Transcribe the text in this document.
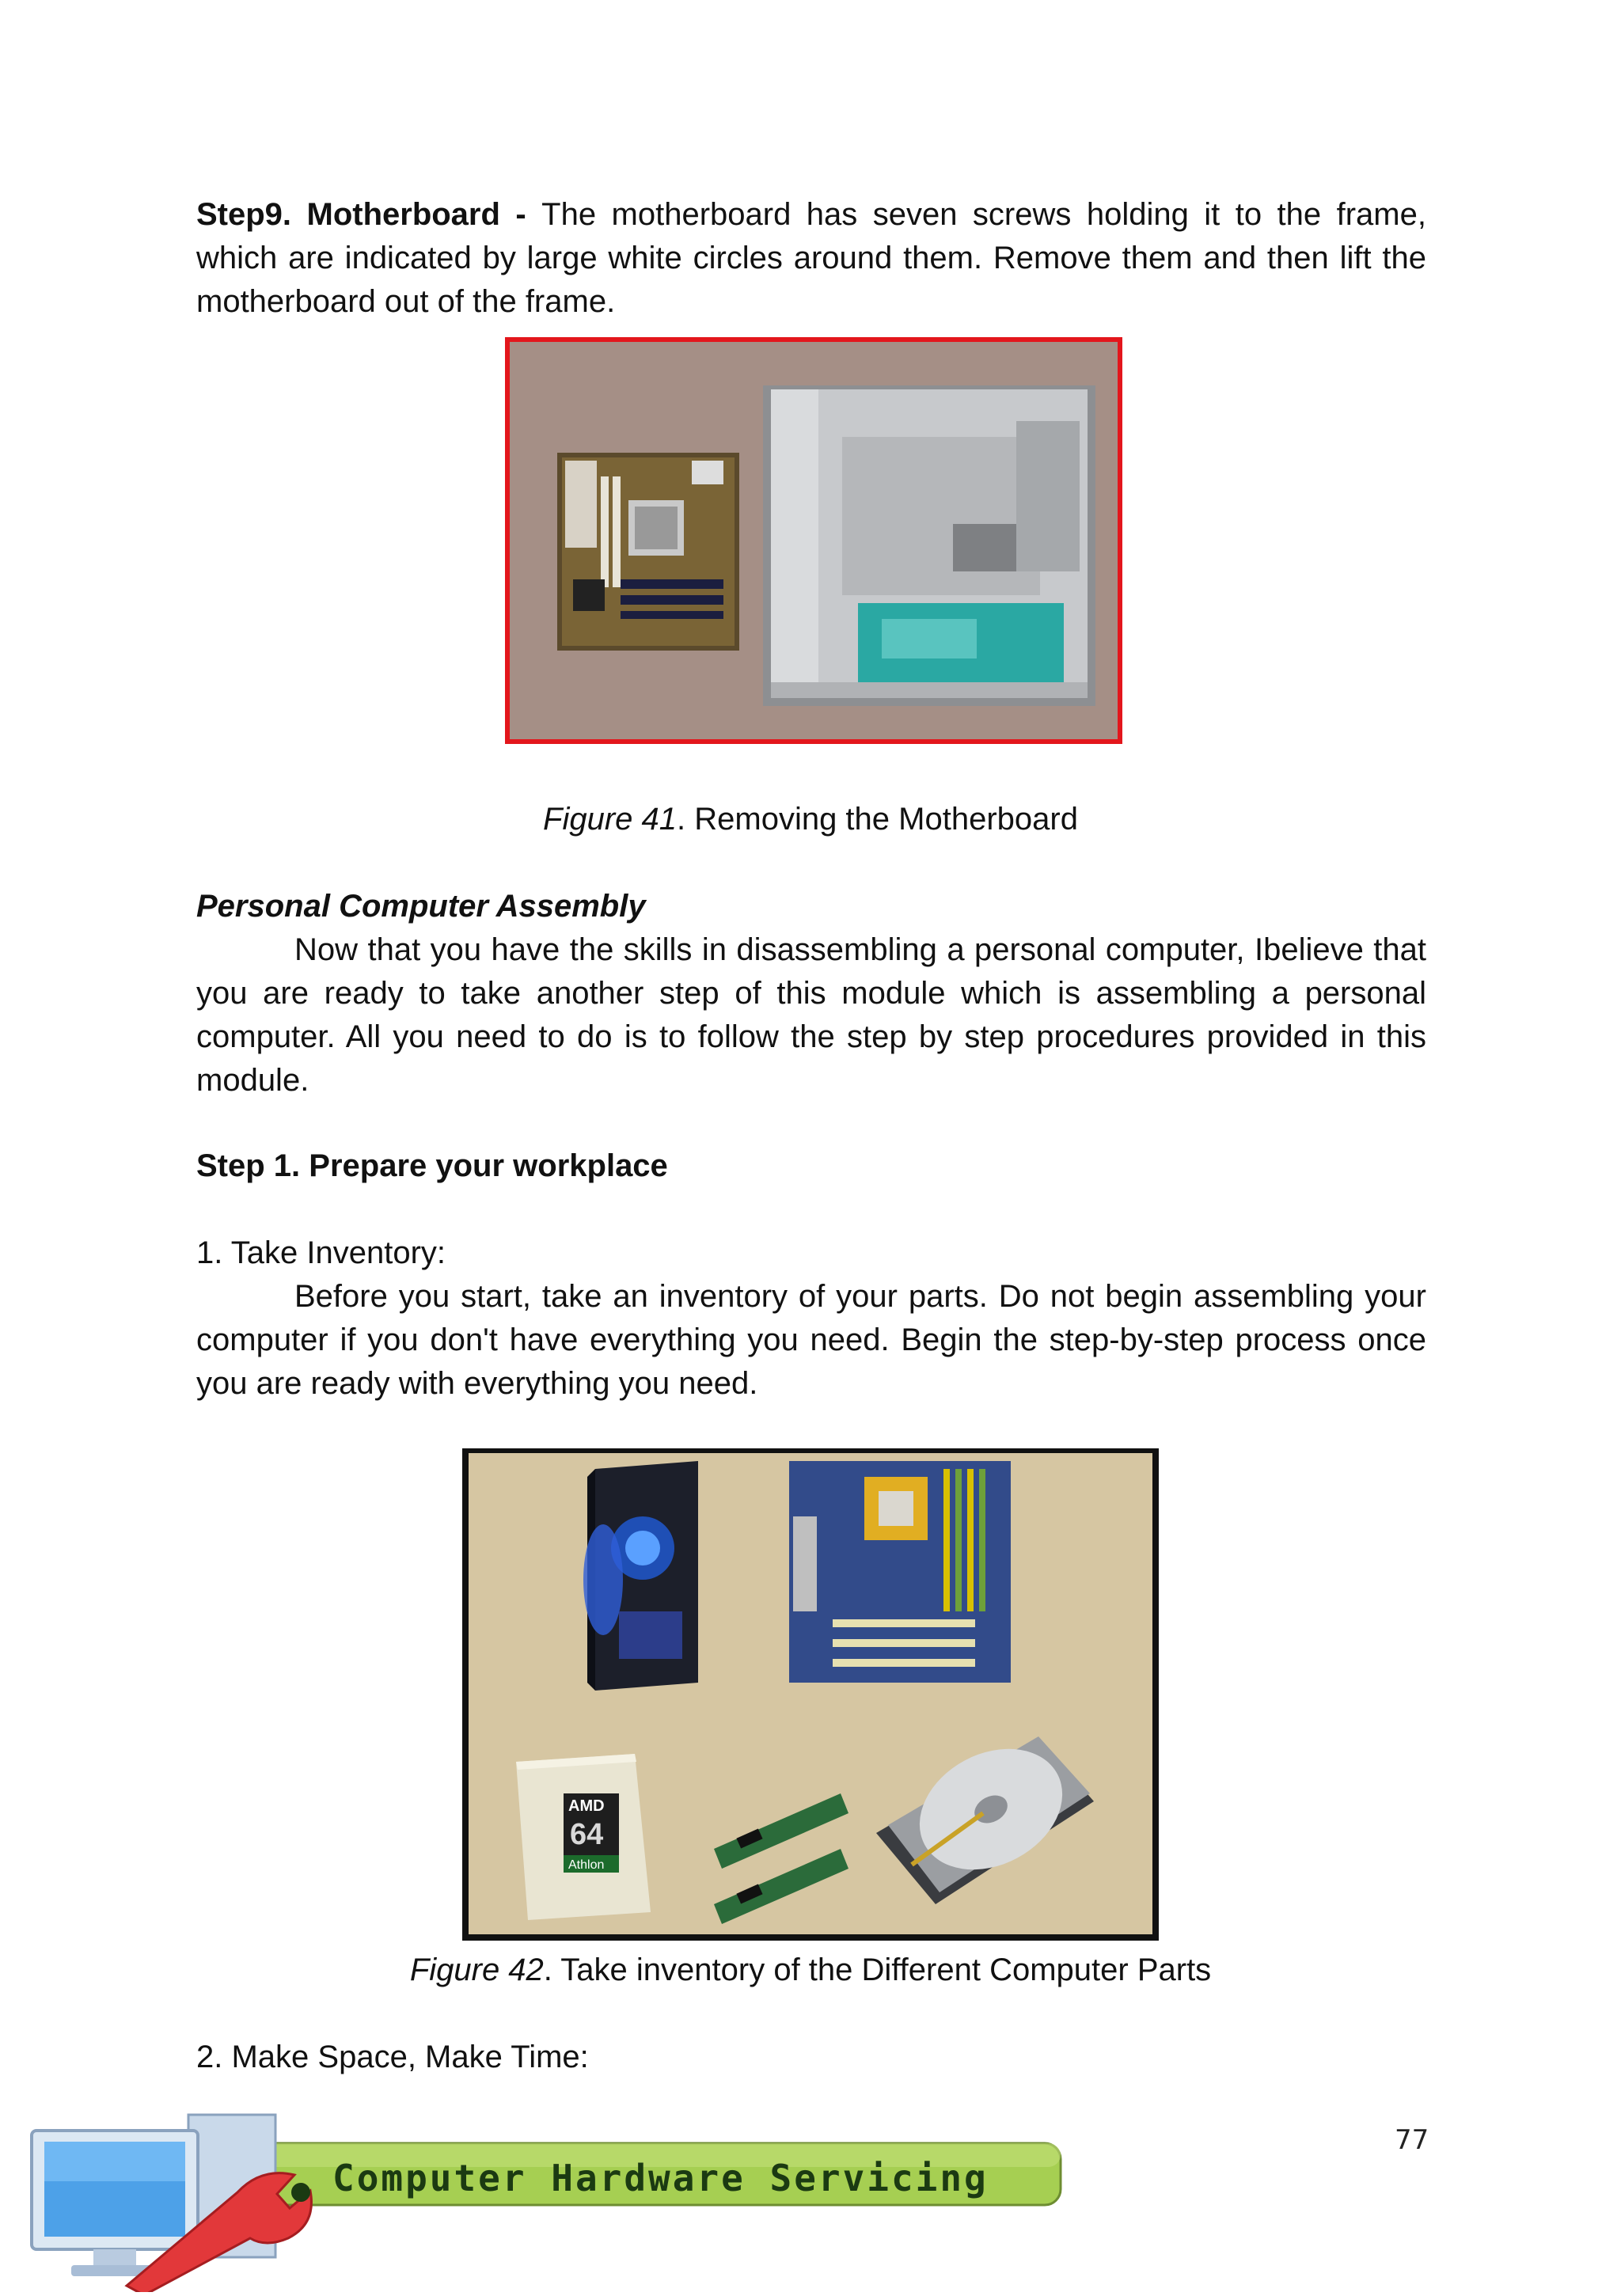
Step9. Motherboard - The motherboard has seven screws holding it to the frame, which are indicated by large white circles around them. Remove them and then lift the motherboard out of the frame.
Figure 41. Removing the Motherboard
Personal Computer Assembly
Now that you have the skills in disassembling a personal computer, Ibelieve that you are ready to take another step of this module which is assembling a personal computer. All you need to do is to follow the step by step procedures provided in this module.
Step 1. Prepare your workplace
1. Take Inventory:
Before you start, take an inventory of your parts. Do not begin assembling your computer if you don't have everything you need. Begin the step-by-step process once you are ready with everything you need.
AMD
64
Athlon
Figure 42. Take inventory of the Different Computer Parts
2. Make Space, Make Time:
77
Computer Hardware Servicing
